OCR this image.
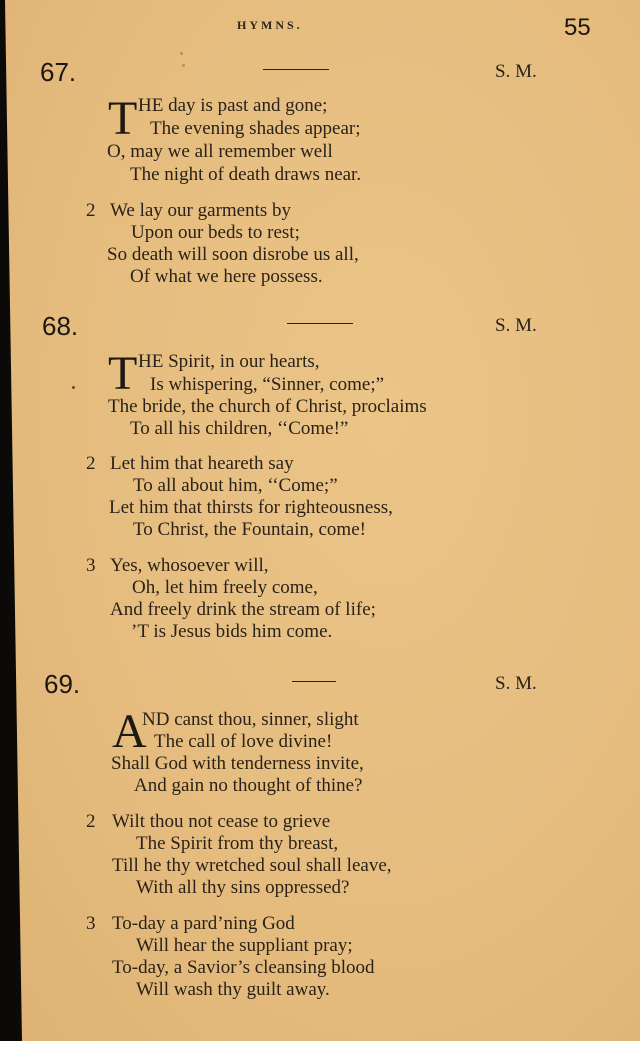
HYMNS.	55
67.	S. M.
T HE day is past and gone;
The evening shades appear;
O, may we all remember well
The night of death draws near.
2 We lay our garments by
Upon our beds to rest;
So death will soon disrobe us all,
Of what we here possess.
68.	S. M.
T HE Spirit, in our hearts,
Is whispering, “Sinner, come;”
The bride, the church of Christ, proclaims
To all his children, ‘‘Come!”
2 Let him that heareth say
To all about him, ‘‘Come;”
Let him that thirsts for righteousness,
To Christ, the Fountain, come!
3 Yes, whosoever will,
Oh, let him freely come,
And freely drink the stream of life;
’T is Jesus bids him come.
69.	S. M.
A
ND canst thou, sinner, slight
The call of love divine!
Shall God with tenderness invite,
And gain no thought of thine?
2 Wilt thou not cease to grieve
The Spirit from thy breast,
Till he thy wretched soul shall leave,
With all thy sins oppressed?
3 To-day a pard’ning God
Will hear the suppliant pray;
To-day, a Savior’s cleansing blood
Will wash thy guilt away.
